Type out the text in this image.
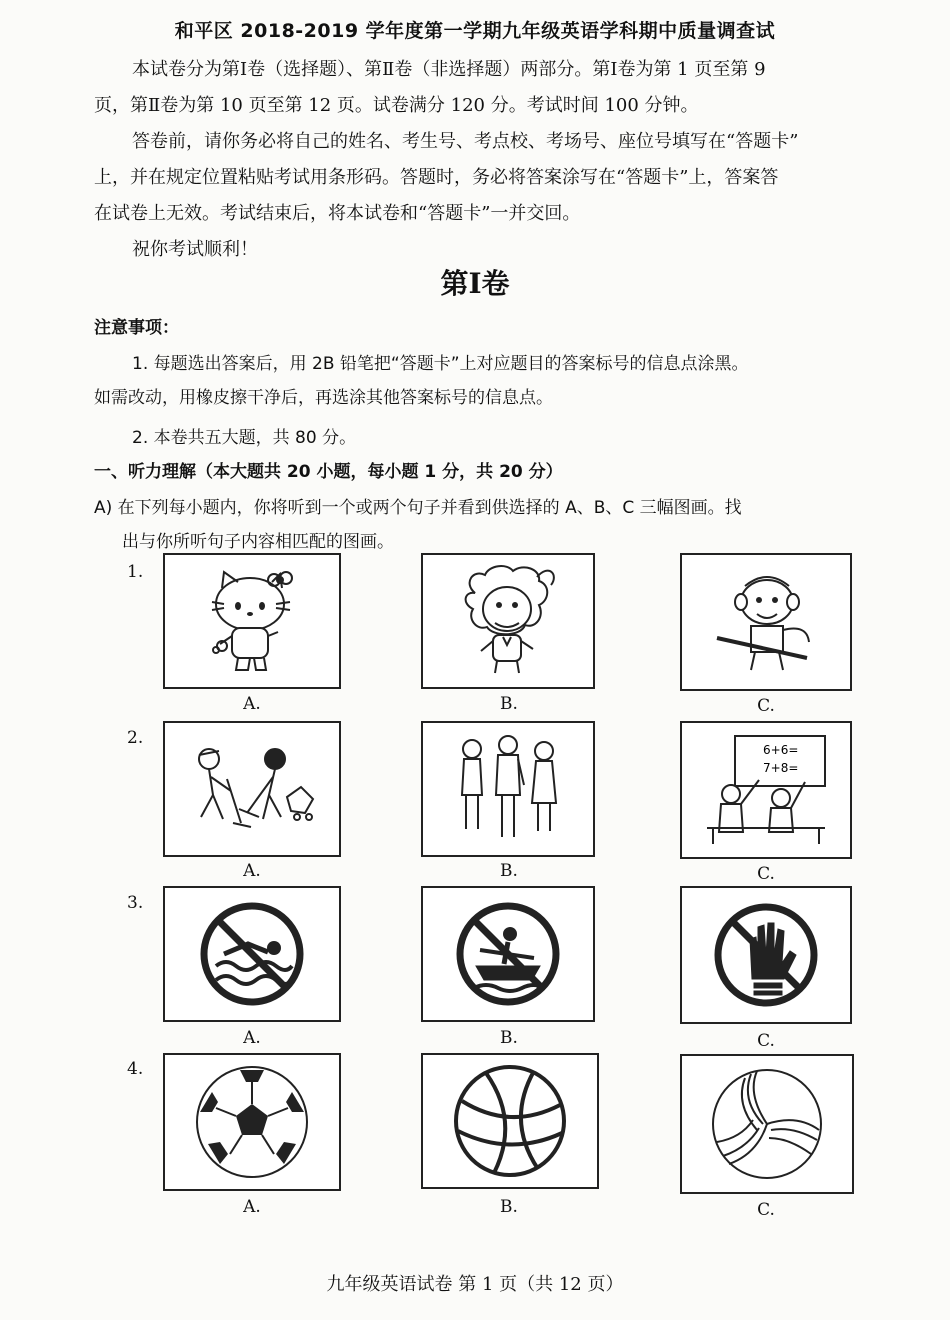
和平区 2018-2019 学年度第一学期九年级英语学科期中质量调查试
本试卷分为第Ⅰ卷（选择题）、第Ⅱ卷（非选择题）两部分。第Ⅰ卷为第 1 页至第 9
页，第Ⅱ卷为第 10 页至第 12 页。试卷满分 120 分。考试时间 100 分钟。
答卷前，请你务必将自己的姓名、考生号、考点校、考场号、座位号填写在“答题卡”
上，并在规定位置粘贴考试用条形码。答题时，务必将答案涂写在“答题卡”上，答案答
在试卷上无效。考试结束后，将本试卷和“答题卡”一并交回。
祝你考试顺利！
第Ⅰ卷
注意事项：
1. 每题选出答案后，用 2B 铅笔把“答题卡”上对应题目的答案标号的信息点涂黑。
如需改动，用橡皮擦干净后，再选涂其他答案标号的信息点。
2. 本卷共五大题，共 80 分。
一、听力理解（本大题共 20 小题，每小题 1 分，共 20 分）
A) 在下列每小题内，你将听到一个或两个句子并看到供选择的 A、B、C 三幅图画。找
出与你所听句子内容相匹配的图画。
1.
A.	B.	C.
2.
A.	B.
6+6=
7+8=
C.
3.
A.	B.	C.
4.
A.	B.	C.
九年级英语试卷 第 1 页（共 12 页）
